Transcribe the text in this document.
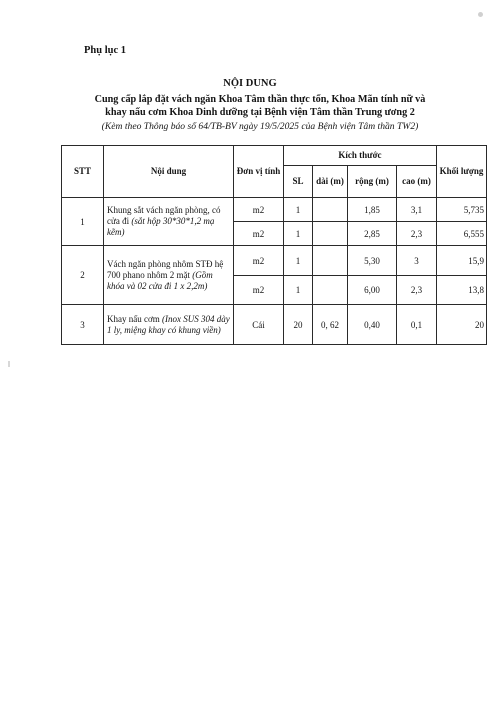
Phụ lục 1
NỘI DUNG
Cung cấp lắp đặt vách ngăn Khoa Tâm thần thực tổn, Khoa Mãn tính nữ và
khay nấu cơm Khoa Dinh dưỡng tại Bệnh viện Tâm thần Trung ương 2
(Kèm theo Thông báo số 64/TB-BV ngày 19/5/2025 của Bệnh viện Tâm thần TW2)
STT	Nội dung	Đơn vị tính	Kích thước				Khối lượng
			SL	dài (m)	rộng (m)	cao (m)	
1	Khung sắt vách ngăn phòng, có cửa đi (sắt hộp 30*30*1,2 mạ kẽm)	m2	1		1,85	3,1	5,735
		m2	1		2,85	2,3	6,555
2	Vách ngăn phòng nhôm STĐ hệ 700 phano nhôm 2 mặt (Gồm khóa và 02 cửa đi 1 x 2,2m)	m2	1		5,30	3	15,9
		m2	1		6,00	2,3	13,8
3	Khay nấu cơm (Inox SUS 304 dày 1 ly, miệng khay có khung viền)	Cái	20	0, 62	0,40	0,1	20
